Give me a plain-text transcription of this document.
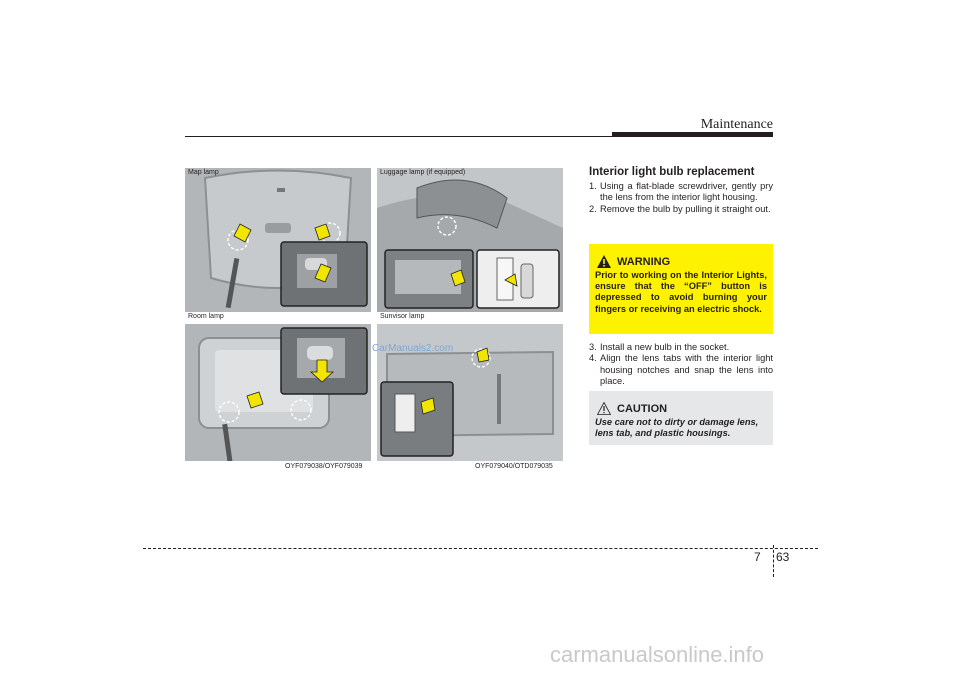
Maintenance
Map lamp
Room lamp
Luggage lamp (if equipped)
Sunvisor lamp
CarManuals2.com
OYF079038/OYF079039	OYF079040/OTD079035
Interior light bulb replacement
1. Using a flat-blade screwdriver, gently pry the lens from the interior light housing.
2. Remove the bulb by pulling it straight out.
WARNING
Prior to working on the Interior Lights, ensure that the “OFF” button is depressed to avoid burning your fingers or receiving an electric shock.
3. Install a new bulb in the socket.
4. Align the lens tabs with the interior light housing notches and snap the lens into place.
CAUTION
Use care not to dirty or damage lens, lens tab, and plastic housings.
7 63
carmanualsonline.info
